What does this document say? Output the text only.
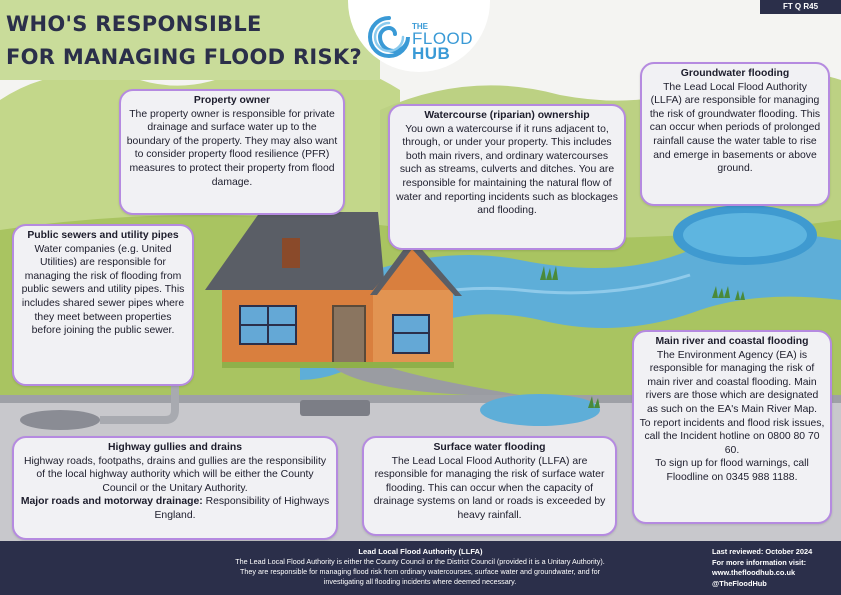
WHO'S RESPONSIBLE
FOR MANAGING FLOOD RISK?
THE
FLOOD
HUB
FT Q R45
Property owner
The property owner is responsible for private drainage and surface water up to the boundary of the property. They may also want to consider property flood resilience (PFR) measures to protect their property from flood damage.
Watercourse (riparian) ownership
You own a watercourse if it runs adjacent to, through, or under your property. This includes both main rivers, and ordinary watercourses such as streams, culverts and ditches. You are responsible for maintaining the natural flow of water and reporting incidents such as blockages and flooding.
Groundwater flooding
The Lead Local Flood Authority (LLFA) are responsible for managing the risk of groundwater flooding. This can occur when periods of prolonged rainfall cause the water table to rise and emerge in basements or above ground.
Public sewers and utility pipes
Water companies (e.g. United Utilities) are responsible for managing the risk of flooding from public sewers and utility pipes. This includes shared sewer pipes where they meet between properties before joining the public sewer.
Main river and coastal flooding
The Environment Agency (EA) is responsible for managing the risk of main river and coastal flooding. Main rivers are those which are designated as such on the EA's Main River Map.
To report incidents and flood risk issues, call the Incident hotline on 0800 80 70 60.
To sign up for flood warnings, call Floodline on 0345 988 1188.
Highway gullies and drains
Highway roads, footpaths, drains and gullies are the responsibility of the local highway authority which will be either the County Council or the Unitary Authority.
Major roads and motorway drainage: Responsibility of Highways England.
Surface water flooding
The Lead Local Flood Authority (LLFA) are responsible for managing the risk of surface water flooding. This can occur when the capacity of drainage systems on land or roads is exceeded by heavy rainfall.
Lead Local Flood Authority (LLFA)
The Lead Local Flood Authority is either the County Council or the District Council (provided it is a Unitary Authority). They are responsible for managing flood risk from ordinary watercourses, surface water and groundwater, and for investigating all flooding incidents where deemed necessary.
Last reviewed: October 2024
For more information visit:
www.thefloodhub.co.uk
@TheFloodHub
